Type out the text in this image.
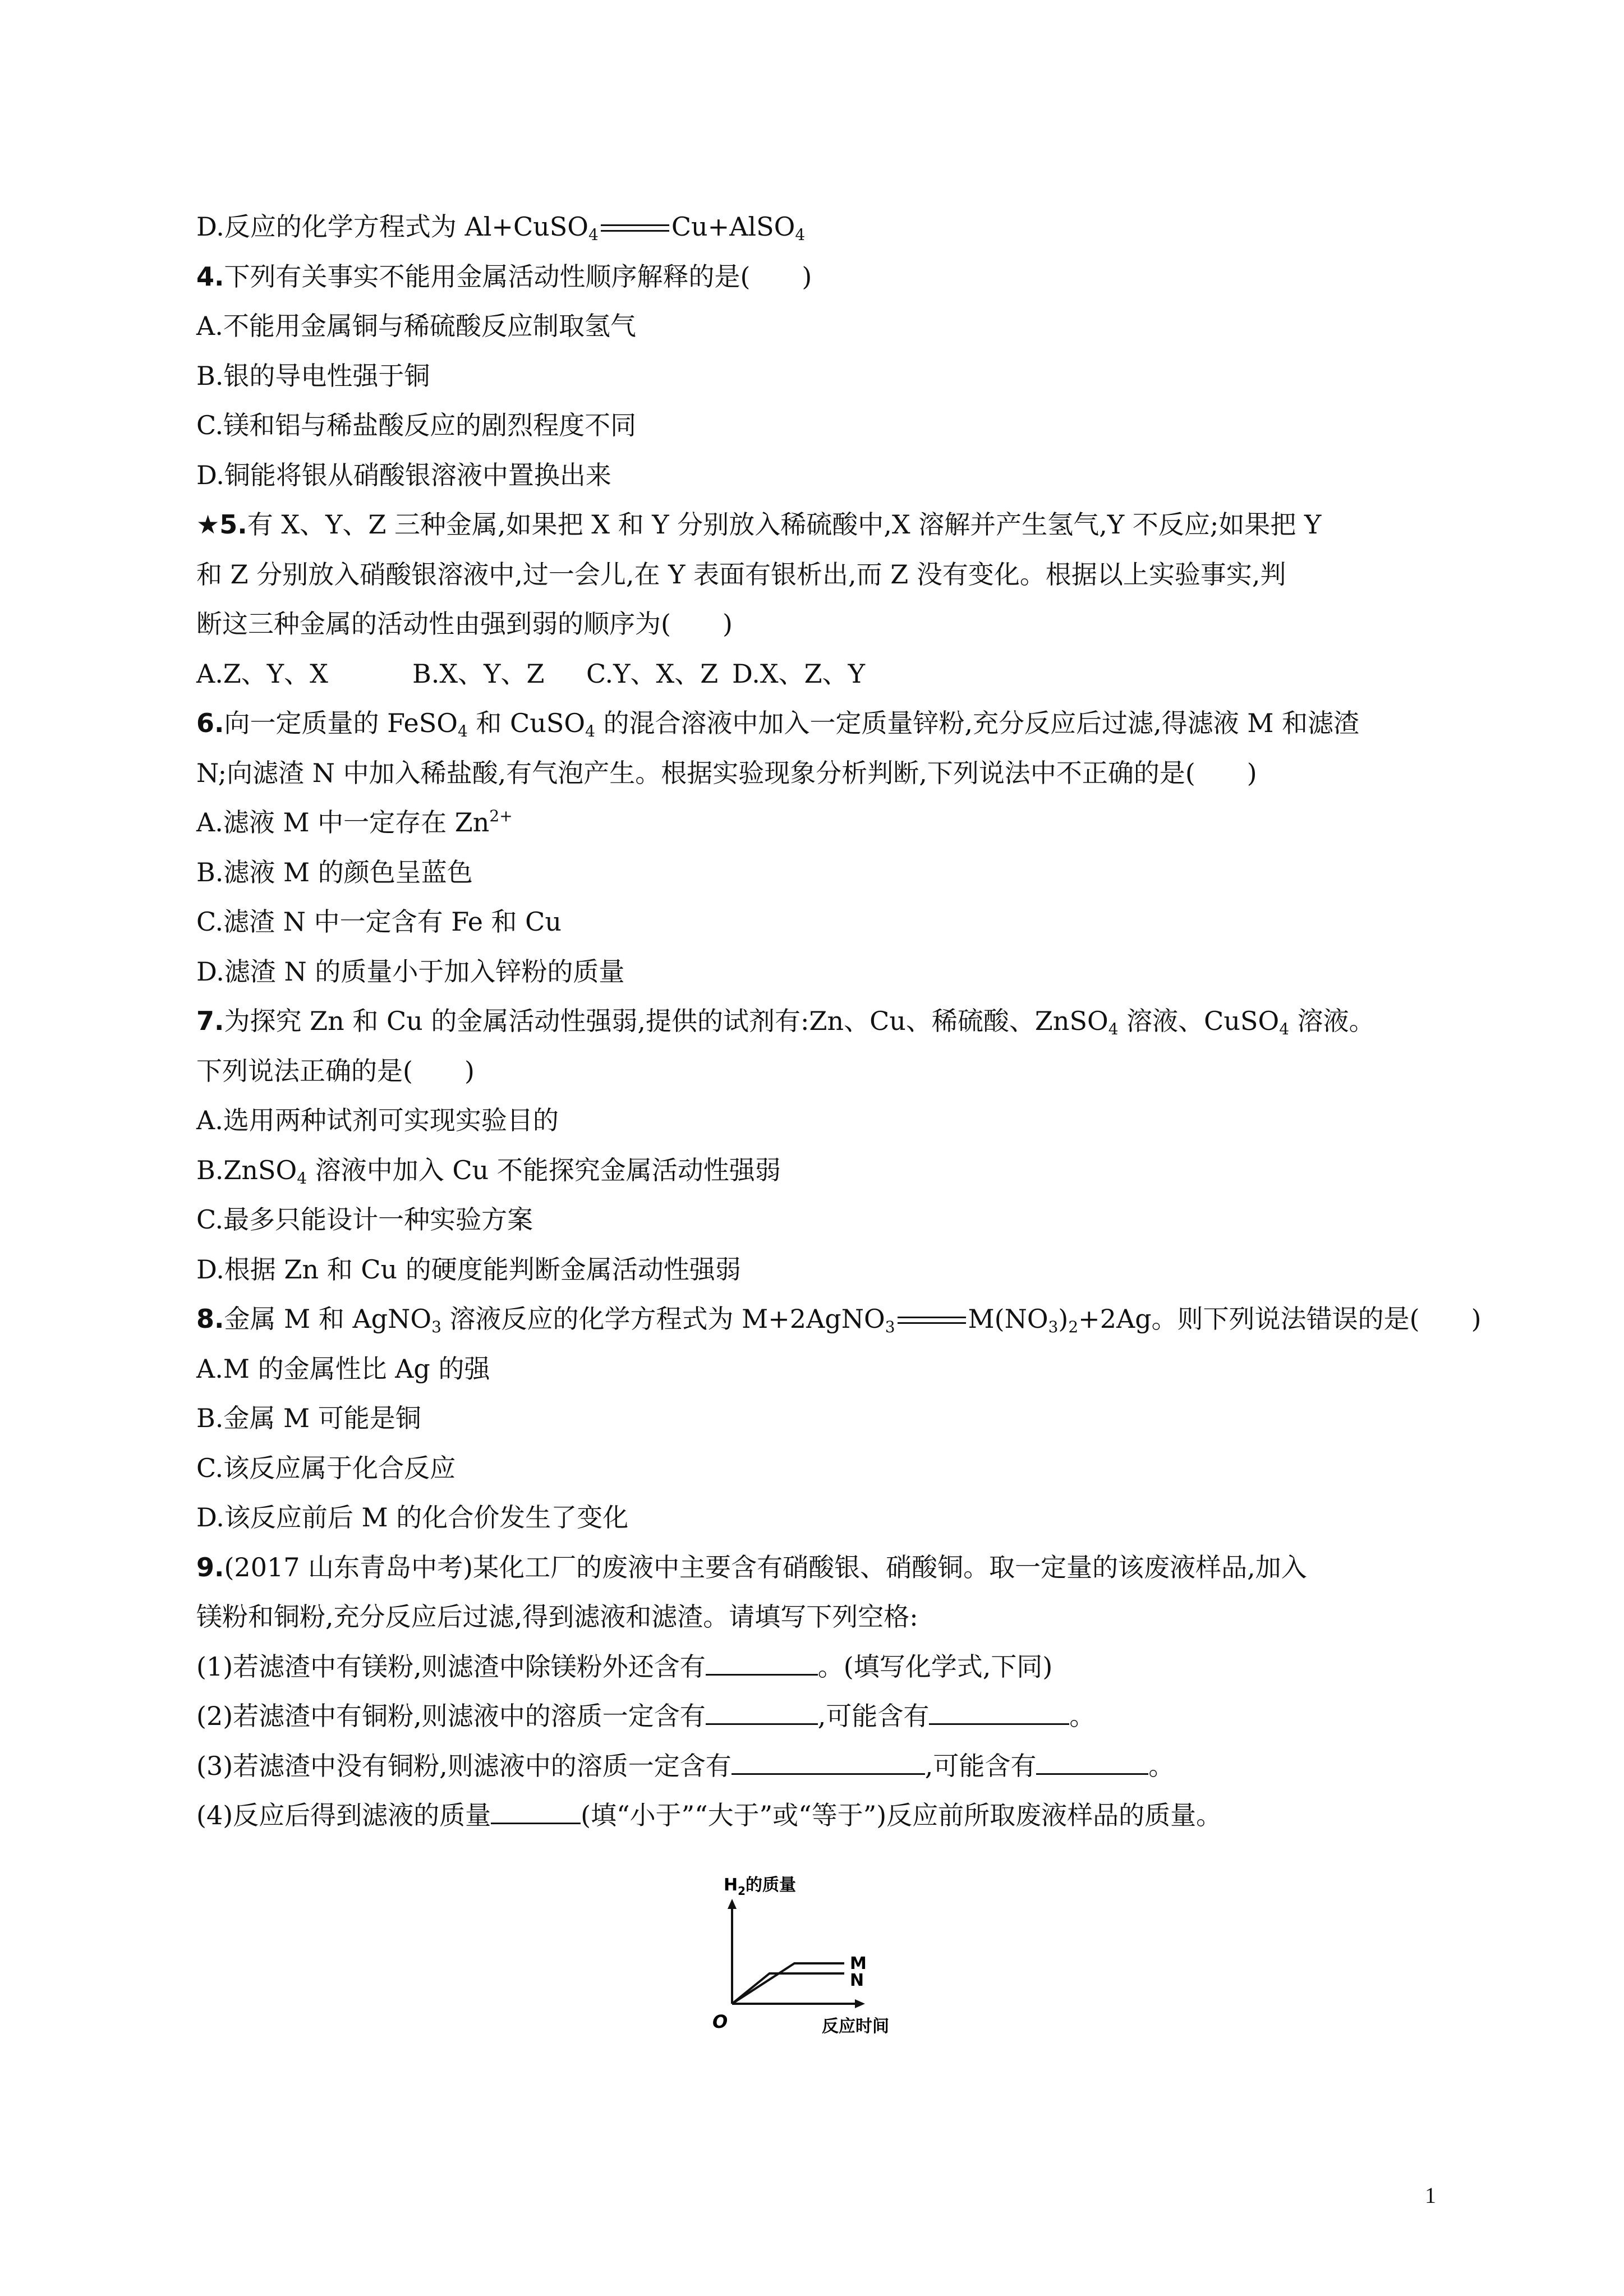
D.反应的化学方程式为 Al+CuSO$_4$	Cu+AlSO$_4$
4.下列有关事实不能用金属活动性顺序解释的是(　　)
A.不能用金属铜与稀硫酸反应制取氢气
B.银的导电性强于铜
C.镁和铝与稀盐酸反应的剧烈程度不同
D.铜能将银从硝酸银溶液中置换出来
★5.有 X、Y、Z 三种金属,如果把 X 和 Y 分别放入稀硫酸中,X 溶解并产生氢气,Y 不反应;如果把 Y
和 Z 分别放入硝酸银溶液中,过一会儿,在 Y 表面有银析出,而 Z 没有变化。根据以上实验事实,判
断这三种金属的活动性由强到弱的顺序为(　　)
A.Z、Y、X	B.X、Y、Z C.Y、X、Z D.X、Z、Y
6.向一定质量的 FeSO$_4$ 和 CuSO$_4$ 的混合溶液中加入一定质量锌粉,充分反应后过滤,得滤液 M 和滤渣
N;向滤渣 N 中加入稀盐酸,有气泡产生。根据实验现象分析判断,下列说法中不正确的是(　　)
A.滤液 M 中一定存在 $Zn^{2+}$
B.滤液 M 的颜色呈蓝色
C.滤渣 N 中一定含有 Fe 和 Cu
D.滤渣 N 的质量小于加入锌粉的质量
7.为探究 Zn 和 Cu 的金属活动性强弱,提供的试剂有:Zn、Cu、稀硫酸、ZnSO$_4$ 溶液、CuSO$_4$ 溶液。
下列说法正确的是(　　)
A.选用两种试剂可实现实验目的
B.ZnSO$_4$ 溶液中加入 Cu 不能探究金属活动性强弱
C.最多只能设计一种实验方案
D.根据 Zn 和 Cu 的硬度能判断金属活动性强弱
8.金属 M 和 AgNO$_3$ 溶液反应的化学方程式为 M+2AgNO$_3$	$M(NO_3)_2+2Ag$。则下列说法错误的是(　　)
A.M 的金属性比 Ag 的强
B.金属 M 可能是铜
C.该反应属于化合反应
D.该反应前后 M 的化合价发生了变化
9.(2017 山东青岛中考)某化工厂的废液中主要含有硝酸银、硝酸铜。取一定量的该废液样品,加入
镁粉和铜粉,充分反应后过滤,得到滤液和滤渣。请填写下列空格:
(1)若滤渣中有镁粉,则滤渣中除镁粉外还含有	。(填写化学式,下同)
(2)若滤渣中有铜粉,则滤液中的溶质一定含有	,可能含有	。
(3)若滤渣中没有铜粉,则滤液中的溶质一定含有	,可能含有	。
(4)反应后得到滤液的质量	(填“小于”“大于”或“等于”)反应前所取废液样品的质量。
$H_2$的质量
O	反应时间
M
N
1
